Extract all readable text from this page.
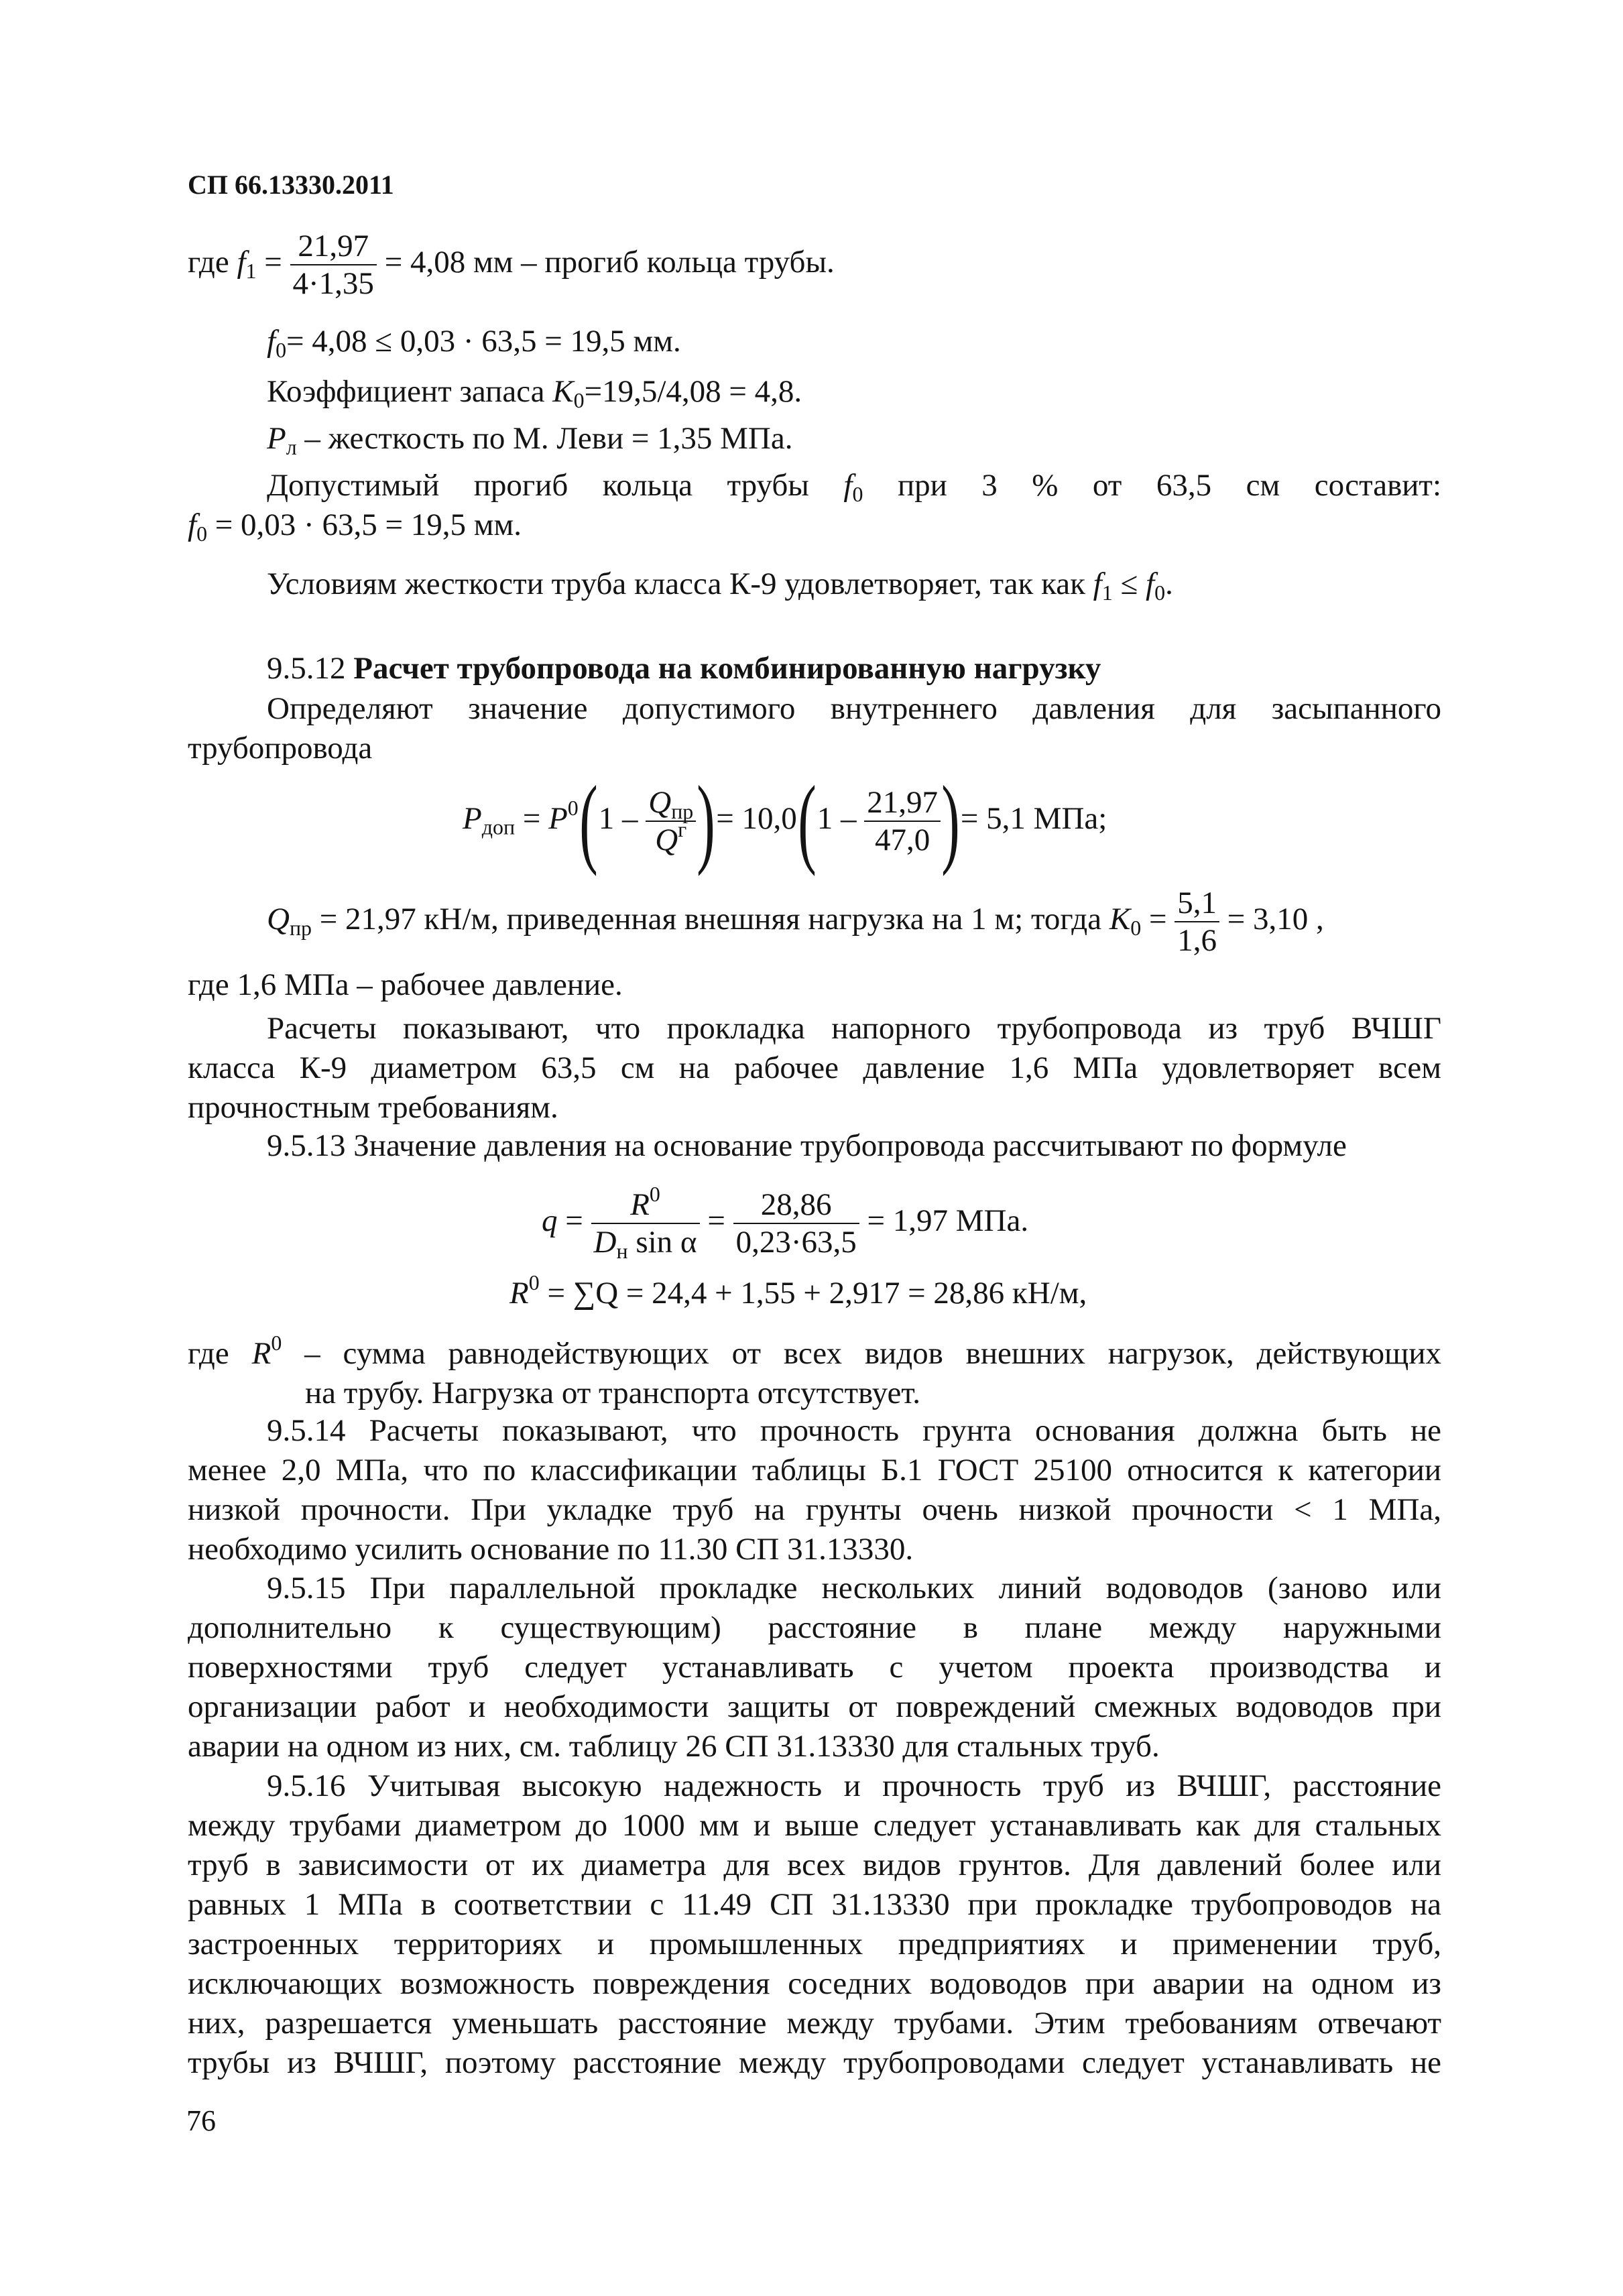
СП 66.13330.2011
где $f_1 = \frac{21,97}{4\cdot 1,35} = 4,08$ мм – прогиб кольца трубы.
$f_0= 4,08 \le 0,03 \cdot 63,5 = 19,5$ мм.
Коэффициент запаса $K_0=19,5/4,08 = 4,8$.
$P_л$ – жесткость по М. Леви = 1,35 МПа.
Допустимый прогиб кольца трубы $f_0$ при 3 % от 63,5 см составит:
$f_0 = 0,03 \cdot 63,5 = 19,5$ мм.
Условиям жесткости труба класса К-9 удовлетворяет, так как $f_1 \le f_0$.
9.5.12 Расчет трубопровода на комбинированную нагрузку
Определяют значение допустимого внутреннего давления для засыпанного
трубопровода
$P_{доп} = P^0(1 - Q_{пр}$
$Q^г$ )= $10,0(1 - \frac{21,97}{47,0}$ )= 5,1 МПа;
$Q_{пр} = 21,97$ кН/м, приведенная внешняя нагрузка на 1 м; тогда $K_0 = \frac{5,1}{1,6} = 3,10$ ,
где 1,6 МПа – рабочее давление.
Расчеты показывают, что прокладка напорного трубопровода из труб ВЧШГ
класса К-9 диаметром 63,5 см на рабочее давление 1,6 МПа удовлетворяет всем
прочностным требованиям.
9.5.13 Значение давления на основание трубопровода рассчитывают по формуле
q =	$R^0$
$D_н$ sin α
= $\frac{28,86}{0,23\cdot 63,5} = 1,97$ МПа.
$R^0 = \sum Q = 24,4 + 1,55 + 2,917 = 28,86$ кН/м,
где $R^0$ – сумма равнодействующих от всех видов внешних нагрузок, действующих
на трубу. Нагрузка от транспорта отсутствует.
9.5.14 Расчеты показывают, что прочность грунта основания должна быть не
менее 2,0 МПа, что по классификации таблицы Б.1 ГОСТ 25100 относится к категории
низкой прочности. При укладке труб на грунты очень низкой прочности < 1 МПа,
необходимо усилить основание по 11.30 СП 31.13330.
9.5.15 При параллельной прокладке нескольких линий водоводов (заново или
дополнительно к существующим) расстояние в плане между наружными
поверхностями труб следует устанавливать с учетом проекта производства и
организации работ и необходимости защиты от повреждений смежных водоводов при
аварии на одном из них, см. таблицу 26 СП 31.13330 для стальных труб.
9.5.16 Учитывая высокую надежность и прочность труб из ВЧШГ, расстояние
между трубами диаметром до 1000 мм и выше следует устанавливать как для стальных
труб в зависимости от их диаметра для всех видов грунтов. Для давлений более или
равных 1 МПа в соответствии с 11.49 СП 31.13330 при прокладке трубопроводов на
застроенных территориях и промышленных предприятиях и применении труб,
исключающих возможность повреждения соседних водоводов при аварии на одном из
них, разрешается уменьшать расстояние между трубами. Этим требованиям отвечают
трубы из ВЧШГ, поэтому расстояние между трубопроводами следует устанавливать не
76
